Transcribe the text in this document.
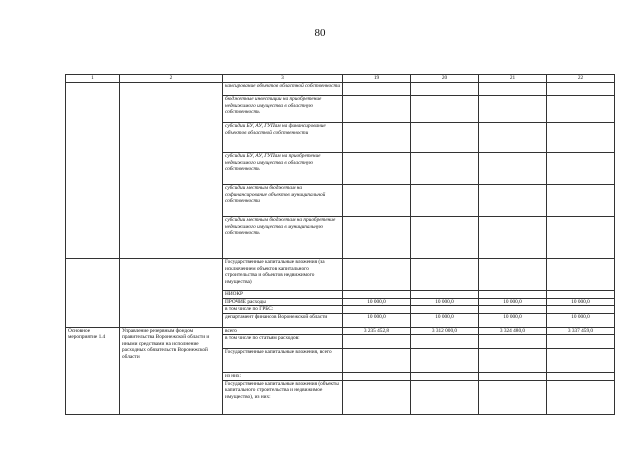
80
1	2	3	19	20	21	22
		кансирование объектов областной собственности				
		бюджетные инвестиции на приобретение недвижимого имущества в областную собственность				
		субсидии БУ, АУ, ГУПам на финансирование объектов областной собственности				
		субсидии БУ, АУ, ГУПам на приобретение недвижимого имущества в областную собственность				
		субсидии местным бюджетам на софинансирование объектов муниципальной собственности				
		субсидии местным бюджетам на приобретение недвижимого имущества в муниципальную собственность				
		Государственные капитальные вложения (за исключением объектов капитального строительства и объектов недвижимого имущества)				
		НИОКР				
		ПРОЧИЕ расходы	10 000,0	10 000,0	10 000,0	10 000,0
		в том числе по ГРБС:				
		департамент финансов Воронежской области	10 000,0	10 000,0	10 000,0	10 000,0
Основное мероприятие 1.4	Управление резервным фондом правительства Воронежской области и иными средствами на исполнение расходных обязательств Воронежской области	всего	3 235 452,8	3 312 000,0	3 324 480,0	3 337 459,0
		в том числе по статьям расходов:				
		Государственные капитальные вложения, всего				
		из них:				
		Государственные капитальные вложения (объекты капитального строительства и недвижимое имущество), из них:				
